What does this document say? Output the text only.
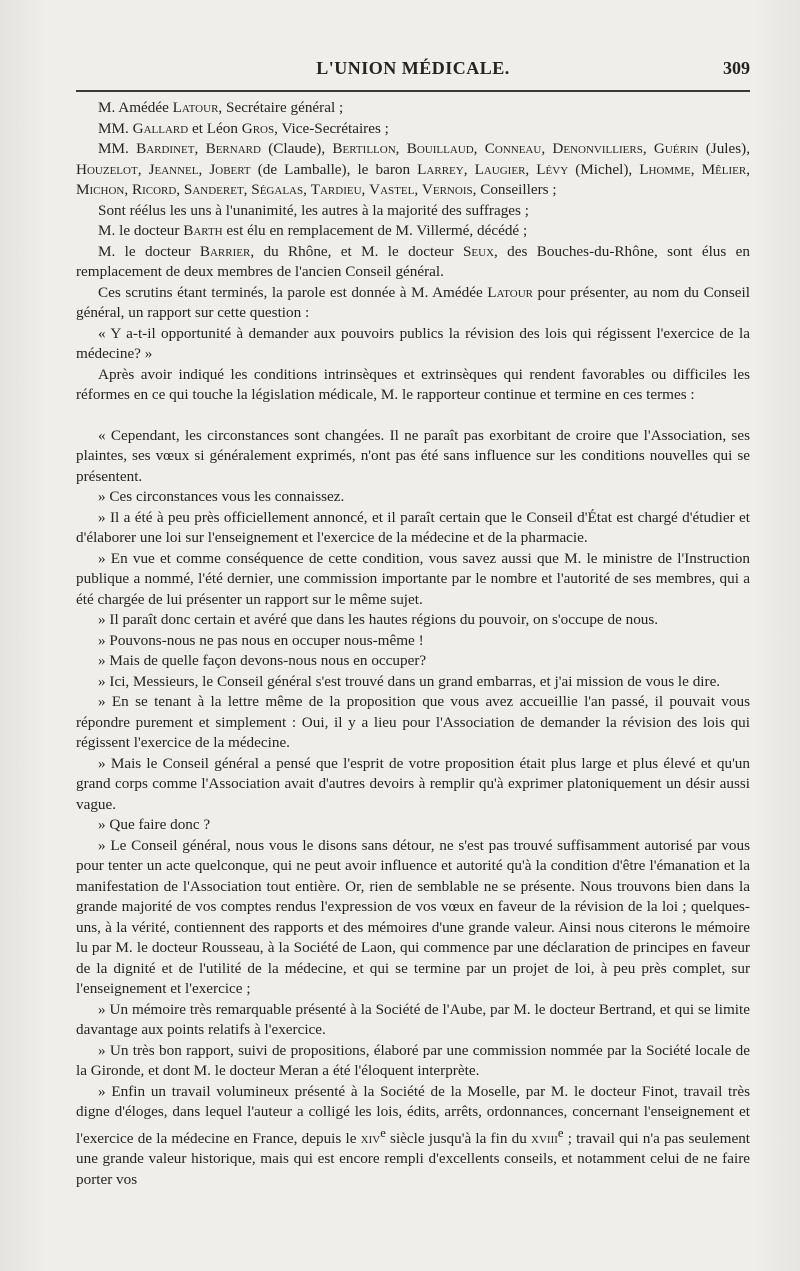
L'UNION MÉDICALE.	309

M. Amédée Latour, Secrétaire général ;

MM. Gallard et Léon Gros, Vice-Secrétaires ;

MM. Bardinet, Bernard (Claude), Bertillon, Bouillaud, Conneau, Denonvilliers, Guérin (Jules), Houzelot, Jeannel, Jobert (de Lamballe), le baron Larrey, Laugier, Lévy (Michel), Lhomme, Mêlier, Michon, Ricord, Sanderet, Ségalas, Tardieu, Vastel, Vernois, Conseillers ;

Sont réélus les uns à l'unanimité, les autres à la majorité des suffrages ;

M. le docteur Barth est élu en remplacement de M. Villermé, décédé ;

M. le docteur Barrier, du Rhône, et M. le docteur Seux, des Bouches-du-Rhône, sont élus en remplacement de deux membres de l'ancien Conseil général.

Ces scrutins étant terminés, la parole est donnée à M. Amédée Latour pour présenter, au nom du Conseil général, un rapport sur cette question :

« Y a-t-il opportunité à demander aux pouvoirs publics la révision des lois qui régissent l'exercice de la médecine? »

Après avoir indiqué les conditions intrinsèques et extrinsèques qui rendent favorables ou difficiles les réformes en ce qui touche la législation médicale, M. le rapporteur continue et termine en ces termes :

« Cependant, les circonstances sont changées. Il ne paraît pas exorbitant de croire que l'Association, ses plaintes, ses vœux si généralement exprimés, n'ont pas été sans influence sur les conditions nouvelles qui se présentent.

» Ces circonstances vous les connaissez.

» Il a été à peu près officiellement annoncé, et il paraît certain que le Conseil d'État est chargé d'étudier et d'élaborer une loi sur l'enseignement et l'exercice de la médecine et de la pharmacie.

» En vue et comme conséquence de cette condition, vous savez aussi que M. le ministre de l'Instruction publique a nommé, l'été dernier, une commission importante par le nombre et l'autorité de ses membres, qui a été chargée de lui présenter un rapport sur le même sujet.

» Il paraît donc certain et avéré que dans les hautes régions du pouvoir, on s'occupe de nous.

» Pouvons-nous ne pas nous en occuper nous-même !

» Mais de quelle façon devons-nous nous en occuper?

» Ici, Messieurs, le Conseil général s'est trouvé dans un grand embarras, et j'ai mission de vous le dire.

» En se tenant à la lettre même de la proposition que vous avez accueillie l'an passé, il pouvait vous répondre purement et simplement : Oui, il y a lieu pour l'Association de demander la révision des lois qui régissent l'exercice de la médecine.

» Mais le Conseil général a pensé que l'esprit de votre proposition était plus large et plus élevé et qu'un grand corps comme l'Association avait d'autres devoirs à remplir qu'à exprimer platoniquement un désir aussi vague.

» Que faire donc ?

» Le Conseil général, nous vous le disons sans détour, ne s'est pas trouvé suffisamment autorisé par vous pour tenter un acte quelconque, qui ne peut avoir influence et autorité qu'à la condition d'être l'émanation et la manifestation de l'Association tout entière. Or, rien de semblable ne se présente. Nous trouvons bien dans la grande majorité de vos comptes rendus l'expression de vos vœux en faveur de la révision de la loi ; quelques-uns, à la vérité, contiennent des rapports et des mémoires d'une grande valeur. Ainsi nous citerons le mémoire lu par M. le docteur Rousseau, à la Société de Laon, qui commence par une déclaration de principes en faveur de la dignité et de l'utilité de la médecine, et qui se termine par un projet de loi, à peu près complet, sur l'enseignement et l'exercice ;

» Un mémoire très remarquable présenté à la Société de l'Aube, par M. le docteur Bertrand, et qui se limite davantage aux points relatifs à l'exercice.

» Un très bon rapport, suivi de propositions, élaboré par une commission nommée par la Société locale de la Gironde, et dont M. le docteur Meran a été l'éloquent interprète.

» Enfin un travail volumineux présenté à la Société de la Moselle, par M. le docteur Finot, travail très digne d'éloges, dans lequel l'auteur a colligé les lois, édits, arrêts, ordonnances, concernant l'enseignement et l'exercice de la médecine en France, depuis le xiv$^e$ siècle jusqu'à la fin du xviii$^e$ ; travail qui n'a pas seulement une grande valeur historique, mais qui est encore rempli d'excellents conseils, et notamment celui de ne faire porter vos
